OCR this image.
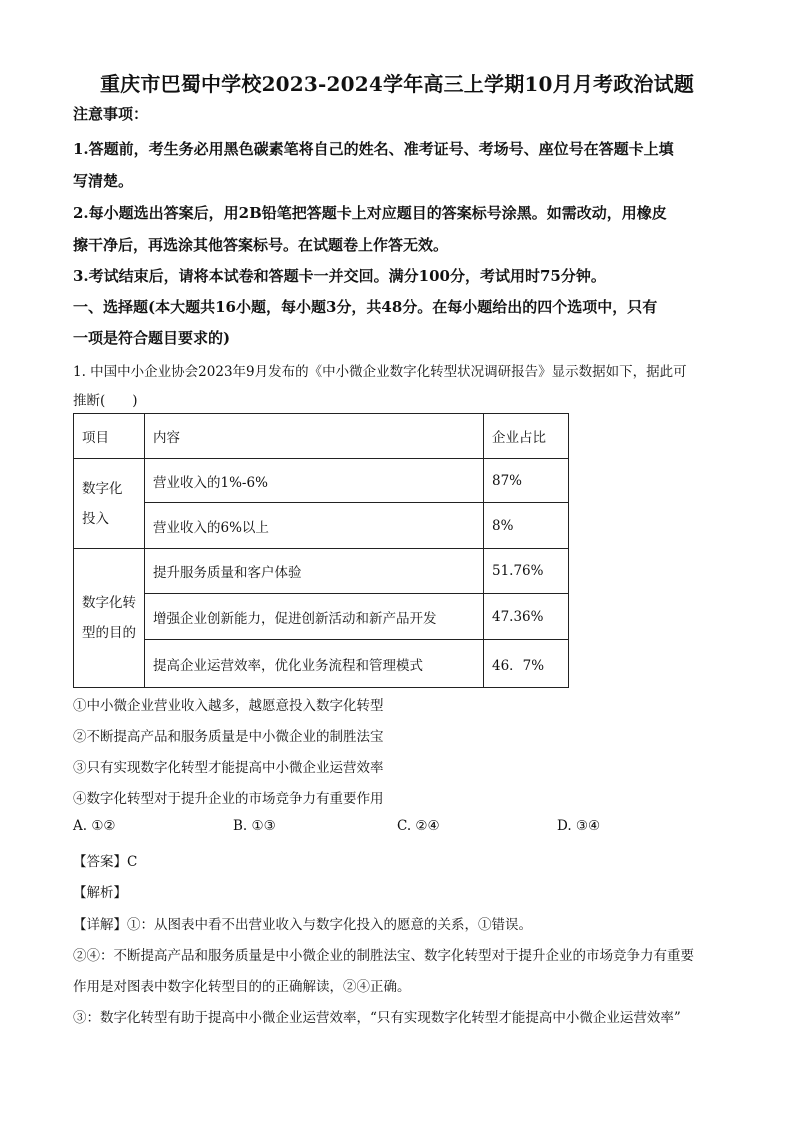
重庆市巴蜀中学校2023-2024学年高三上学期10月月考政治试题
注意事项：
1.答题前，考生务必用黑色碳素笔将自己的姓名、准考证号、考场号、座位号在答题卡上填
写清楚。
2.每小题选出答案后，用2B铅笔把答题卡上对应题目的答案标号涂黑。如需改动，用橡皮
擦干净后，再选涂其他答案标号。在试题卷上作答无效。
3.考试结束后，请将本试卷和答题卡一并交回。满分100分，考试用时75分钟。
一、选择题(本大题共16小题，每小题3分，共48分。在每小题给出的四个选项中，只有
一项是符合题目要求的)
1. 中国中小企业协会2023年9月发布的《中小微企业数字化转型状况调研报告》显示数据如下，据此可
推断(　　)
项目	内容	企业占比

数字化投入	营业收入的1%-6%	87%
	营业收入的6%以上	8%

数字化转型的目的	提升服务质量和客户体验	51.76%
	增强企业创新能力，促进创新活动和新产品开发	47.36%
	提高企业运营效率，优化业务流程和管理模式	46．7%
①中小微企业营业收入越多，越愿意投入数字化转型
②不断提高产品和服务质量是中小微企业的制胜法宝
③只有实现数字化转型才能提高中小微企业运营效率
④数字化转型对于提升企业的市场竞争力有重要作用
A. ①②	B. ①③	C. ②④	D. ③④
【答案】C
【解析】
【详解】①：从图表中看不出营业收入与数字化投入的愿意的关系，①错误。
②④：不断提高产品和服务质量是中小微企业的制胜法宝、数字化转型对于提升企业的市场竞争力有重要
作用是对图表中数字化转型目的的正确解读，②④正确。
③：数字化转型有助于提高中小微企业运营效率，“只有实现数字化转型才能提高中小微企业运营效率”
